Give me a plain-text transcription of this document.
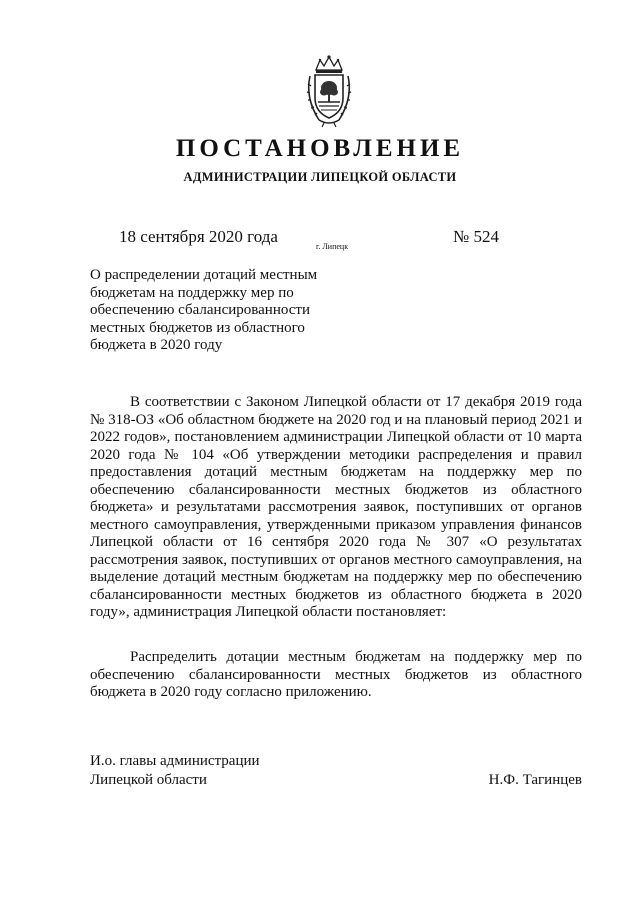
ПОСТАНОВЛЕНИЕ
АДМИНИСТРАЦИИ ЛИПЕЦКОЙ ОБЛАСТИ
18 сентября 2020 года
г. Липецк
№ 524
О распределении дотаций местным
бюджетам на поддержку мер по
обеспечению сбалансированности
местных бюджетов из областного
бюджета в 2020 году
В соответствии с Законом Липецкой области от 17 декабря 2019 года № 318-ОЗ «Об областном бюджете на 2020 год и на плановый период 2021 и 2022 годов», постановлением администрации Липецкой области от 10 марта 2020 года № 104 «Об утверждении методики распределения и правил предоставления дотаций местным бюджетам на поддержку мер по обеспечению сбалансированности местных бюджетов из областного бюджета» и результатами рассмотрения заявок, поступивших от органов местного самоуправления, утвержденными приказом управления финансов Липецкой области от 16 сентября 2020 года № 307 «О результатах рассмотрения заявок, поступивших от органов местного самоуправления, на выделение дотаций местным бюджетам на поддержку мер по обеспечению сбалансированности местных бюджетов из областного бюджета в 2020 году», администрация Липецкой области постановляет:
Распределить дотации местным бюджетам на поддержку мер по обеспечению сбалансированности местных бюджетов из областного бюджета в 2020 году согласно приложению.
И.о. главы администрации
Липецкой области	Н.Ф. Тагинцев
